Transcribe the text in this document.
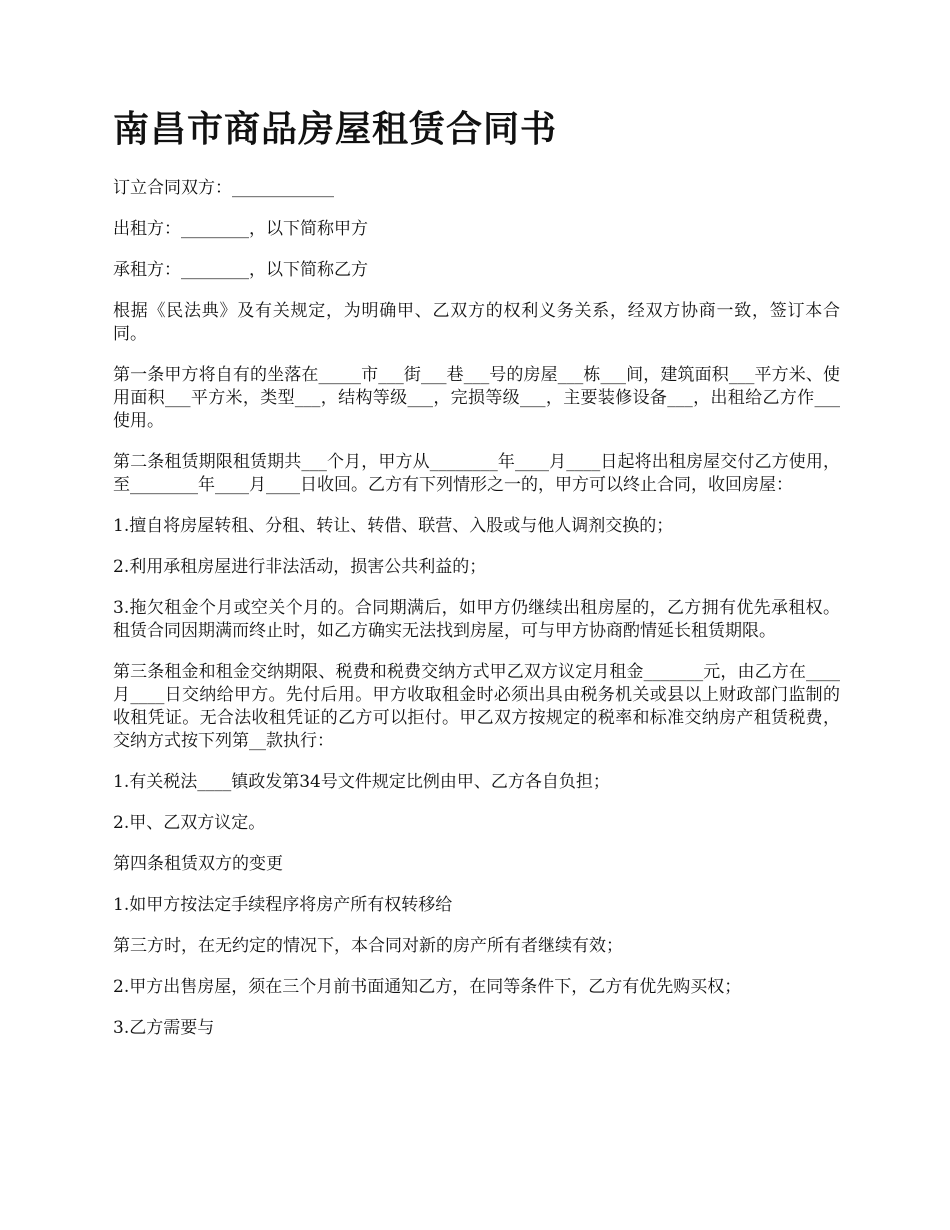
南昌市商品房屋租赁合同书

订立合同双方：____________

出租方：________，以下简称甲方

承租方：________，以下简称乙方

根据《民法典》及有关规定，为明确甲、乙双方的权利义务关系，经双方协商一致，签订本合同。

第一条甲方将自有的坐落在_____市___街___巷___号的房屋___栋___间，建筑面积___平方米、使用面积___平方米，类型___，结构等级___，完损等级___，主要装修设备___，出租给乙方作___使用。

第二条租赁期限租赁期共___个月，甲方从________年____月____日起将出租房屋交付乙方使用，至________年____月____日收回。乙方有下列情形之一的，甲方可以终止合同，收回房屋：

1.擅自将房屋转租、分租、转让、转借、联营、入股或与他人调剂交换的；

2.利用承租房屋进行非法活动，损害公共利益的；

3.拖欠租金个月或空关个月的。合同期满后，如甲方仍继续出租房屋的，乙方拥有优先承租权。租赁合同因期满而终止时，如乙方确实无法找到房屋，可与甲方协商酌情延长租赁期限。

第三条租金和租金交纳期限、税费和税费交纳方式甲乙双方议定月租金_______元，由乙方在____月____日交纳给甲方。先付后用。甲方收取租金时必须出具由税务机关或县以上财政部门监制的收租凭证。无合法收租凭证的乙方可以拒付。甲乙双方按规定的税率和标准交纳房产租赁税费，交纳方式按下列第__款执行：

1.有关税法____镇政发第34号文件规定比例由甲、乙方各自负担；

2.甲、乙双方议定。

第四条租赁双方的变更

1.如甲方按法定手续程序将房产所有权转移给

第三方时，在无约定的情况下，本合同对新的房产所有者继续有效；

2.甲方出售房屋，须在三个月前书面通知乙方，在同等条件下，乙方有优先购买权；

3.乙方需要与
